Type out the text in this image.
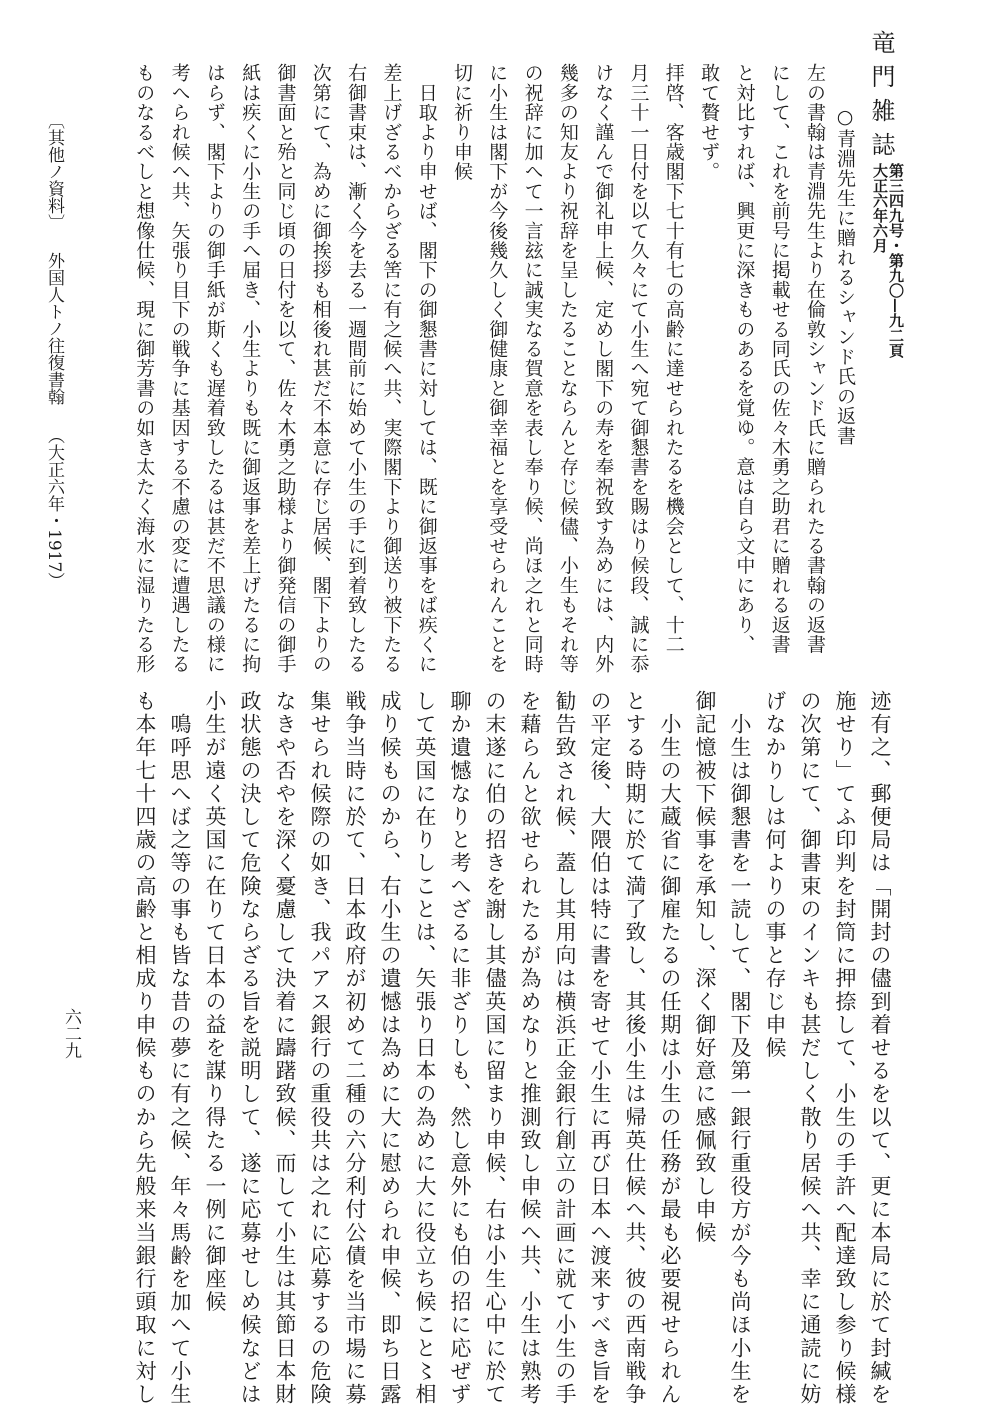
竜門雑誌
第三四九号・第九〇—九二頁
大正六年六月
○青淵先生に贈れるシャンド氏の返書
左の書翰は青淵先生より在倫敦シャンド氏に贈られたる書翰の返書
にして、これを前号に掲載せる同氏の佐々木勇之助君に贈れる返書
と対比すれば、興更に深きものあるを覚ゆ。意は自ら文中にあり、
敢て贅せず。
拝啓、客歳閣下七十有七の高齢に達せられたるを機会として、十二
月三十一日付を以て久々にて小生へ宛て御懇書を賜はり候段、誠に忝
けなく謹んで御礼申上候、定めし閣下の寿を奉祝致す為めには、内外
幾多の知友より祝辞を呈したることならんと存じ候儘、小生もそれ等
の祝辞に加へて一言玆に誠実なる賀意を表し奉り候、尚ほ之れと同時
に小生は閣下が今後幾久しく御健康と御幸福とを享受せられんことを
切に祈り申候
　日取より申せば、閣下の御懇書に対しては、既に御返事をば疾くに
差上げざるべからざる筈に有之候へ共、実際閣下より御送り被下たる
右御書束は、漸く今を去る一週間前に始めて小生の手に到着致したる
次第にて、為めに御挨拶も相後れ甚だ不本意に存じ居候、閣下よりの
御書面と殆と同じ頃の日付を以て、佐々木勇之助様より御発信の御手
紙は疾くに小生の手へ届き、小生よりも既に御返事を差上げたるに拘
はらず、閣下よりの御手紙が斯くも遅着致したるは甚だ不思議の様に
考へられ候へ共、矢張り目下の戦争に基因する不慮の変に遭遇したる
ものなるべしと想像仕候、現に御芳書の如き太たく海水に湿りたる形
迹有之、郵便局は「開封の儘到着せるを以て、更に本局に於て封緘を
施せり」てふ印判を封筒に押捺して、小生の手許へ配達致し参り候様
の次第にて、御書束のインキも甚だしく散り居候へ共、幸に通読に妨
げなかりしは何よりの事と存じ申候
　小生は御懇書を一読して、閣下及第一銀行重役方が今も尚ほ小生を
御記憶被下候事を承知し、深く御好意に感佩致し申候
　小生の大蔵省に御雇たるの任期は小生の任務が最も必要視せられん
とする時期に於て満了致し、其後小生は帰英仕候へ共、彼の西南戦争
の平定後、大隈伯は特に書を寄せて小生に再び日本へ渡来すべき旨を
勧告致され候、蓋し其用向は横浜正金銀行創立の計画に就て小生の手
を藉らんと欲せられたるが為めなりと推測致し申候へ共、小生は熟考
の末遂に伯の招きを謝し其儘英国に留まり申候、右は小生心中に於て
聊か遺憾なりと考へざるに非ざりしも、然し意外にも伯の招に応ぜず
して英国に在りしことは、矢張り日本の為めに大に役立ち候こと〻相
成り候ものから、右小生の遺憾は為めに大に慰められ申候、即ち日露
戦争当時に於て、日本政府が初めて二種の六分利付公債を当市場に募
集せられ候際の如き、我パアス銀行の重役共は之れに応募するの危険
なきや否やを深く憂慮して決着に躊躇致候、而して小生は其節日本財
政状態の決して危険ならざる旨を説明して、遂に応募せしめ候などは
小生が遠く英国に在りて日本の益を謀り得たる一例に御座候
　鳴呼思へば之等の事も皆な昔の夢に有之候、年々馬齢を加へて小生
も本年七十四歳の高齢と相成り申候ものから先般来当銀行頭取に対し
〔其他ノ資料〕 外国人トノ往復書翰 （大正六年・1917）
六二九
